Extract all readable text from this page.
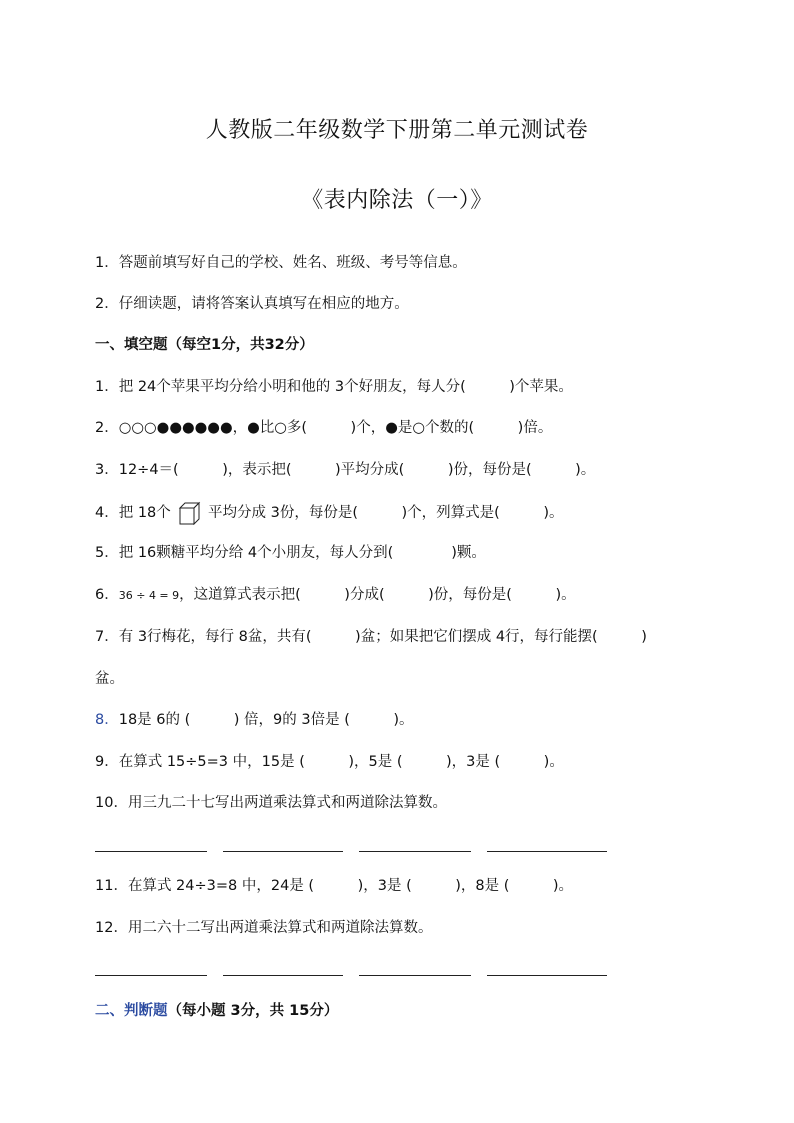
人教版二年级数学下册第二单元测试卷
《表内除法（一）》
1．答题前填写好自己的学校、姓名、班级、考号等信息。
2．仔细读题，请将答案认真填写在相应的地方。
一、填空题（每空1分，共32分）
1．把 24个苹果平均分给小明和他的 3个好朋友，每人分(　　　)个苹果。
2．○○○●●●●●●，●比○多(　　　)个，●是○个数的(　　　)倍。
3．12÷4＝(　　　)，表示把(　　　)平均分成(　　　)份，每份是(　　　)。
4．把 18个	平均分成 3份，每份是(　　　)个，列算式是(　　　)。
5．把 16颗糖平均分给 4个小朋友，每人分到(　　　　)颗。
6．36 ÷ 4 = 9，这道算式表示把(　　　)分成(　　　)份，每份是(　　　)。
7．有 3行梅花，每行 8盆，共有(　　　)盆；如果把它们摆成 4行，每行能摆(　　　)
盆。
8．18是 6的 (　　　) 倍，9的 3倍是 (　　　)。
9．在算式 15÷5=3 中，15是 (　　　)，5是 (　　　)，3是 (　　　)。
10．用三九二十七写出两道乘法算式和两道除法算数。
11．在算式 24÷3=8 中，24是 (　　　)，3是 (　　　)，8是 (　　　)。
12．用二六十二写出两道乘法算式和两道除法算数。
二、判断题（每小题 3分，共 15分）
